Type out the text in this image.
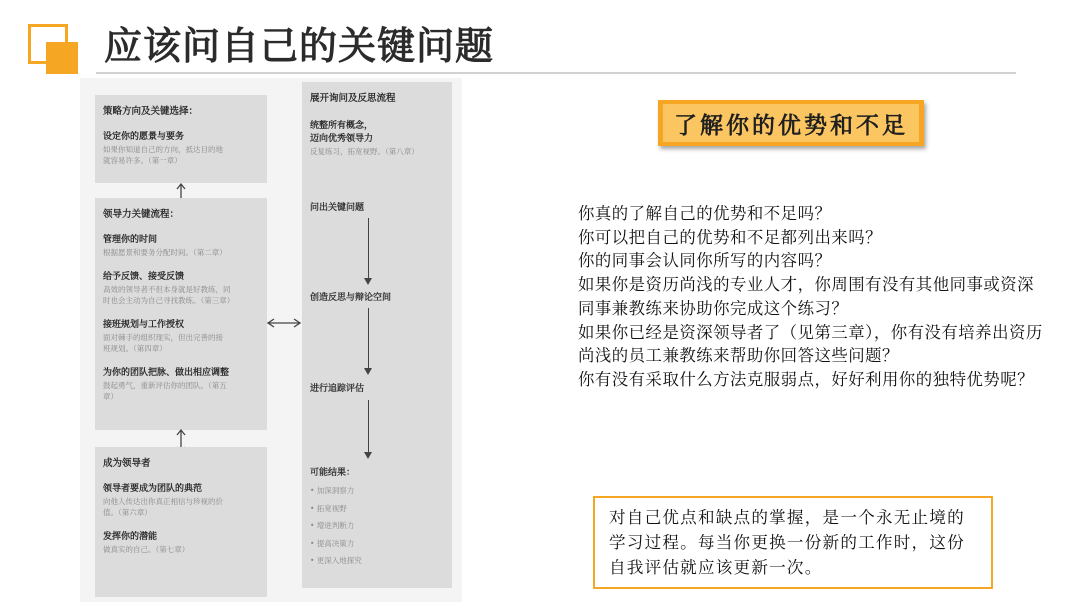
应该问自己的关键问题
策略方向及关键选择：
设定你的愿景与要务
如果你知道自己的方向，抵达目的地
就容易许多。（第一章）
领导力关键流程：
管理你的时间
根据愿景和要务分配时间。（第二章）
给予反馈、接受反馈
高效的领导者不但本身就是好教练，同
时也会主动为自己寻找教练。（第三章）
接班规划与工作授权
面对棘手的组织现实，但出完善的接
班规划。（第四章）
为你的团队把脉、做出相应调整
鼓起勇气，重新评估你的团队。（第五
章）
成为领导者
领导者要成为团队的典范
向他人传达出你真正相信与珍视的价
值。（第六章）
发挥你的潜能
做真实的自己。（第七章）
展开询问及反思流程
统整所有概念，
迈向优秀领导力
反复练习，拓宽视野。（第八章）
问出关键问题
创造反思与辩论空间
进行追踪评估
可能结果：
• 加深洞察力
• 拓宽视野
• 增进判断力
• 提高决策力
• 更深入地探究
了解你的优势和不足

你真的了解自己的优势和不足吗？

你可以把自己的优势和不足都列出来吗？

你的同事会认同你所写的内容吗？

如果你是资历尚浅的专业人才，你周围有没有其他同事或资深同事兼教练来协助你完成这个练习？

如果你已经是资深领导者了（见第三章），你有没有培养出资历尚浅的员工兼教练来帮助你回答这些问题？

你有没有采取什么方法克服弱点，好好利用你的独特优势呢？

对自己优点和缺点的掌握，是一个永无止境的学习过程。每当你更换一份新的工作时，这份自我评估就应该更新一次。
